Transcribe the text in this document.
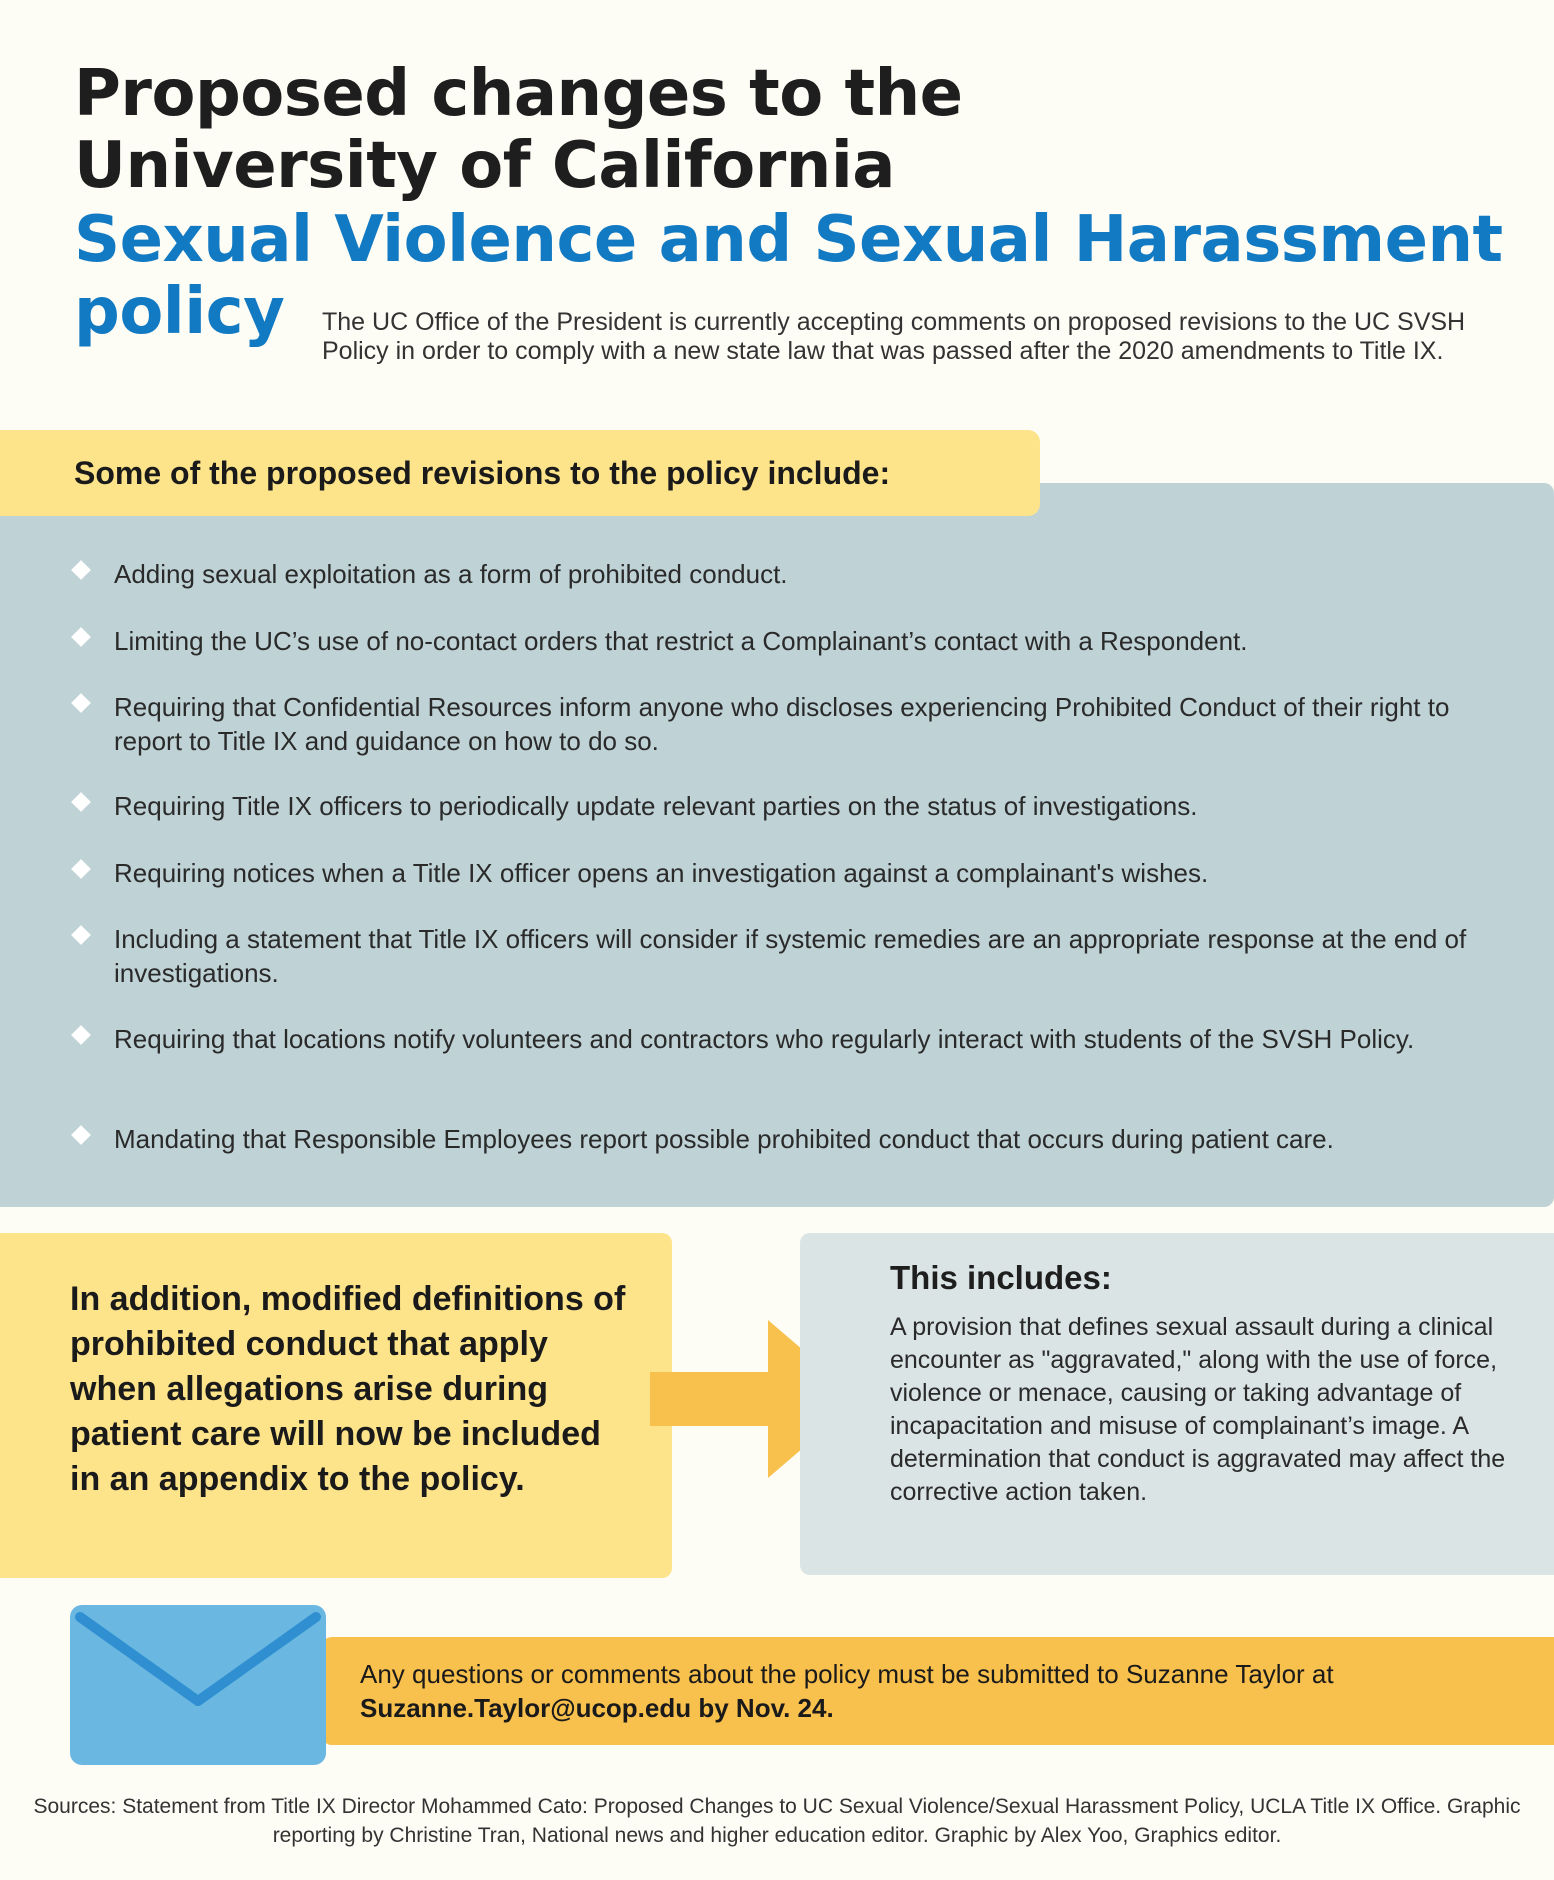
Proposed changes to the
University of California
Sexual Violence and Sexual Harassment
policy The UC Office of the President is currently accepting comments on proposed revisions to the UC SVSH Policy in order to comply with a new state law that was passed after the 2020 amendments to Title IX.

Some of the proposed revisions to the policy include:
Adding sexual exploitation as a form of prohibited conduct.
Limiting the UC’s use of no-contact orders that restrict a Complainant’s contact with a Respondent.
Requiring that Confidential Resources inform anyone who discloses experiencing Prohibited Conduct of their right to report to Title IX and guidance on how to do so.
Requiring Title IX officers to periodically update relevant parties on the status of investigations.
Requiring notices when a Title IX officer opens an investigation against a complainant's wishes.
Including a statement that Title IX officers will consider if systemic remedies are an appropriate response at the end of investigations.
Requiring that locations notify volunteers and contractors who regularly interact with students of the SVSH Policy.
Mandating that Responsible Employees report possible prohibited conduct that occurs during patient care.

In addition, modified definitions of prohibited conduct that apply when allegations arise during patient care will now be included in an appendix to the policy.

This includes:

A provision that defines sexual assault during a clinical encounter as "aggravated," along with the use of force, violence or menace, causing or taking advantage of incapacitation and misuse of complainant’s image. A determination that conduct is aggravated may affect the corrective action taken.

Any questions or comments about the policy must be submitted to Suzanne Taylor at
Suzanne.Taylor@ucop.edu by Nov. 24.

Sources: Statement from Title IX Director Mohammed Cato: Proposed Changes to UC Sexual Violence/Sexual Harassment Policy, UCLA Title IX Office. Graphic reporting by Christine Tran, National news and higher education editor. Graphic by Alex Yoo, Graphics editor.
